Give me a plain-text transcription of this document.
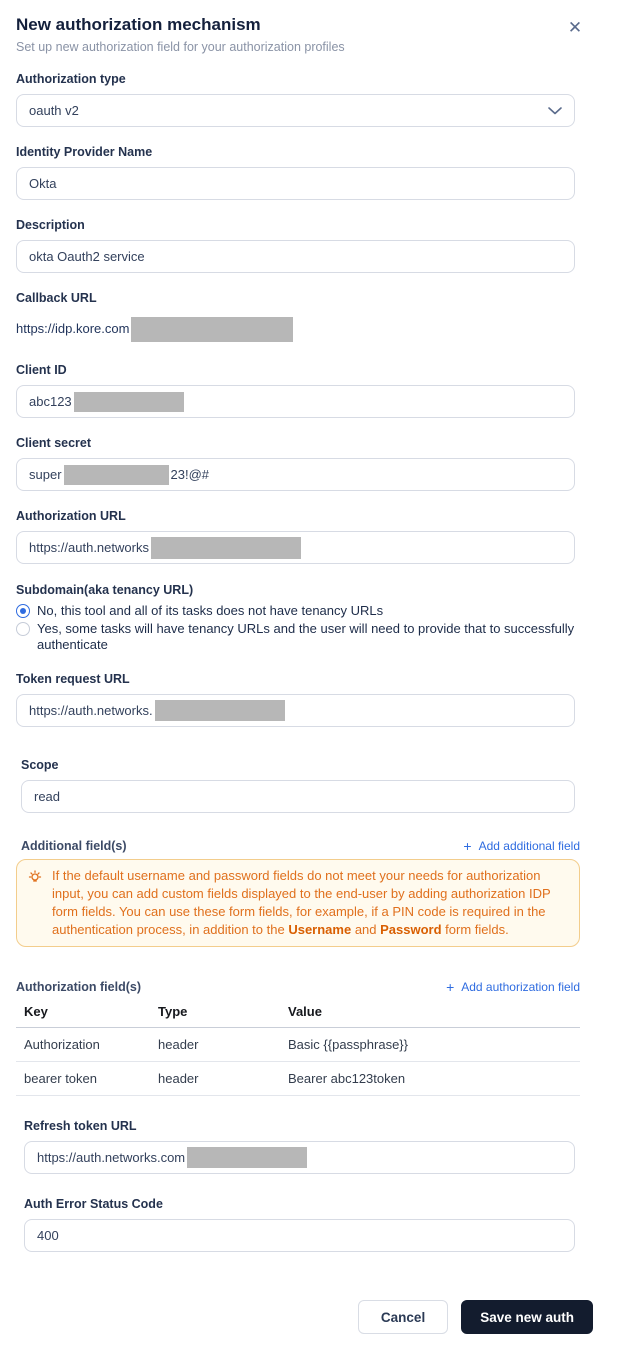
New authorization mechanism
Set up new authorization field for your authorization profiles
✕
Authorization type
oauth v2
Identity Provider Name
Okta
Description
okta Oauth2 service
Callback URL
https://idp.kore.com
Client ID
abc123
Client secret
super	23!@#
Authorization URL
https://auth.networks
Subdomain(aka tenancy URL)
No, this tool and all of its tasks does not have tenancy URLs
Yes, some tasks will have tenancy URLs and the user will need to provide that to successfully authenticate
Token request URL
https://auth.networks.
Scope
read
Additional field(s)	+ Add additional field
If the default username and password fields do not meet your needs for authorization input, you can add custom fields displayed to the end-user by adding authorization IDP form fields. You can use these form fields, for example, if a PIN code is required in the authentication process, in addition to the Username and Password form fields.
Authorization field(s)	+ Add authorization field
Key	Type	Value
Authorization	header	Basic {{passphrase}}
bearer token	header	Bearer abc123token
Refresh token URL
https://auth.networks.com
Auth Error Status Code
400
Cancel	Save new auth
